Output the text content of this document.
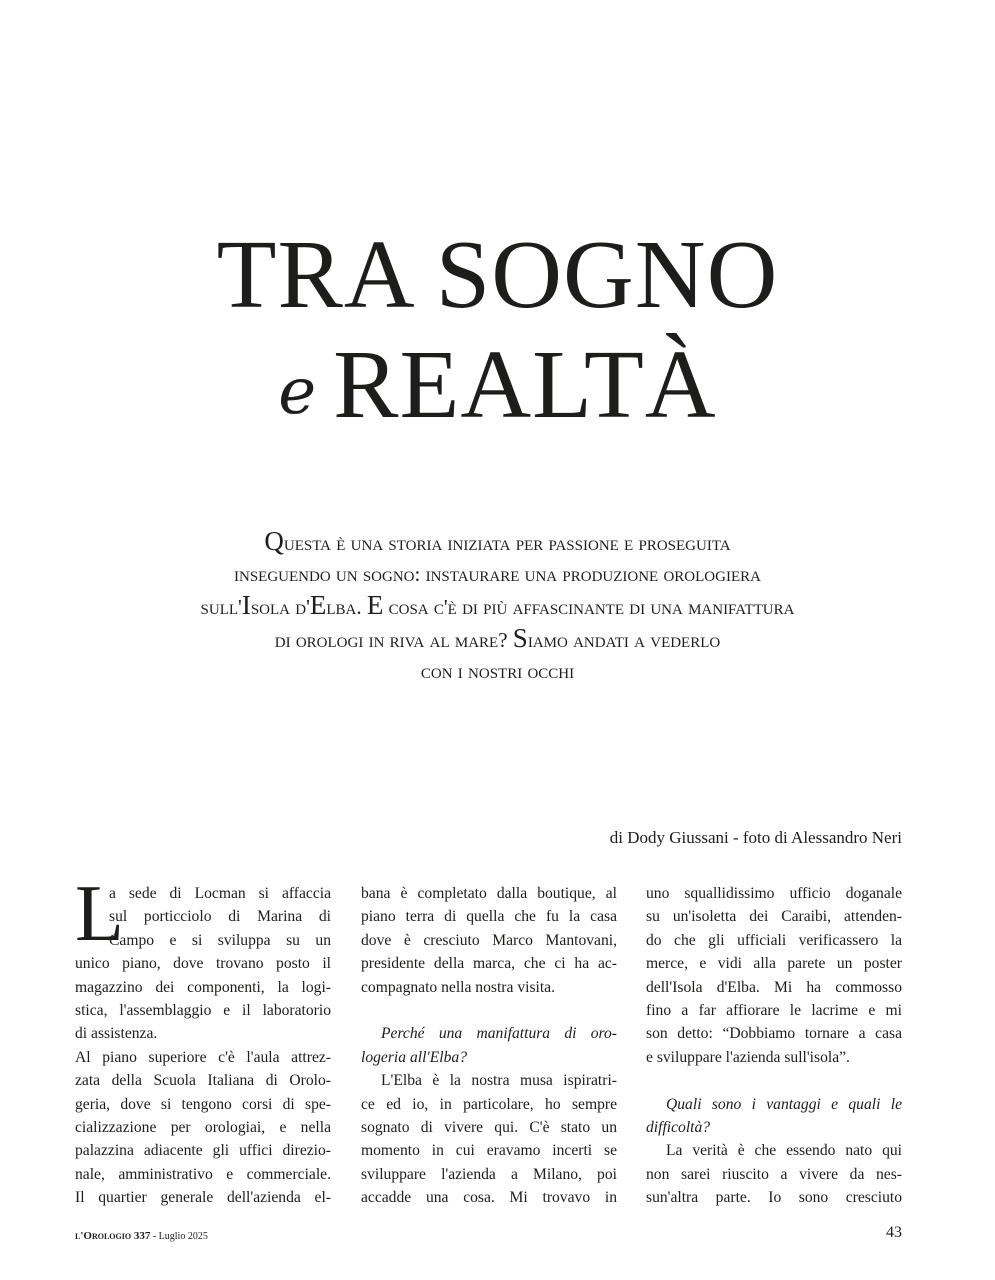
TRA SOGNO
e REALTÀ
Questa è una storia iniziata per passione e proseguita
inseguendo un sogno: instaurare una produzione orologiera
sull'Isola d'Elba. E cosa c'è di più affascinante di una manifattura
di orologi in riva al mare? Siamo andati a vederlo
con i nostri occhi
di Dody Giussani - foto di Alessandro Neri
L
a sede di Locman si affaccia
sul porticciolo di Marina di
Campo e si sviluppa su un
unico piano, dove trovano posto il
magazzino dei componenti, la logi-
stica, l'assemblaggio e il laboratorio
di assistenza.
Al piano superiore c'è l'aula attrez-
zata della Scuola Italiana di Orolo-
geria, dove si tengono corsi di spe-
cializzazione per orologiai, e nella
palazzina adiacente gli uffici direzio-
nale, amministrativo e commerciale.
Il quartier generale dell'azienda el-
bana è completato dalla boutique, al
piano terra di quella che fu la casa
dove è cresciuto Marco Mantovani,
presidente della marca, che ci ha ac-
compagnato nella nostra visita.
Perché una manifattura di oro-
logeria all'Elba?
L'Elba è la nostra musa ispiratri-
ce ed io, in particolare, ho sempre
sognato di vivere qui. C'è stato un
momento in cui eravamo incerti se
sviluppare l'azienda a Milano, poi
accadde una cosa. Mi trovavo in
uno squallidissimo ufficio doganale
su un'isoletta dei Caraibi, attenden-
do che gli ufficiali verificassero la
merce, e vidi alla parete un poster
dell'Isola d'Elba. Mi ha commosso
fino a far affiorare le lacrime e mi
son detto: “Dobbiamo tornare a casa
e sviluppare l'azienda sull'isola”.
Quali sono i vantaggi e quali le
difficoltà?
La verità è che essendo nato qui
non sarei riuscito a vivere da nes-
sun'altra parte. Io sono cresciuto
l'Orologio 337 - Luglio 2025	43
